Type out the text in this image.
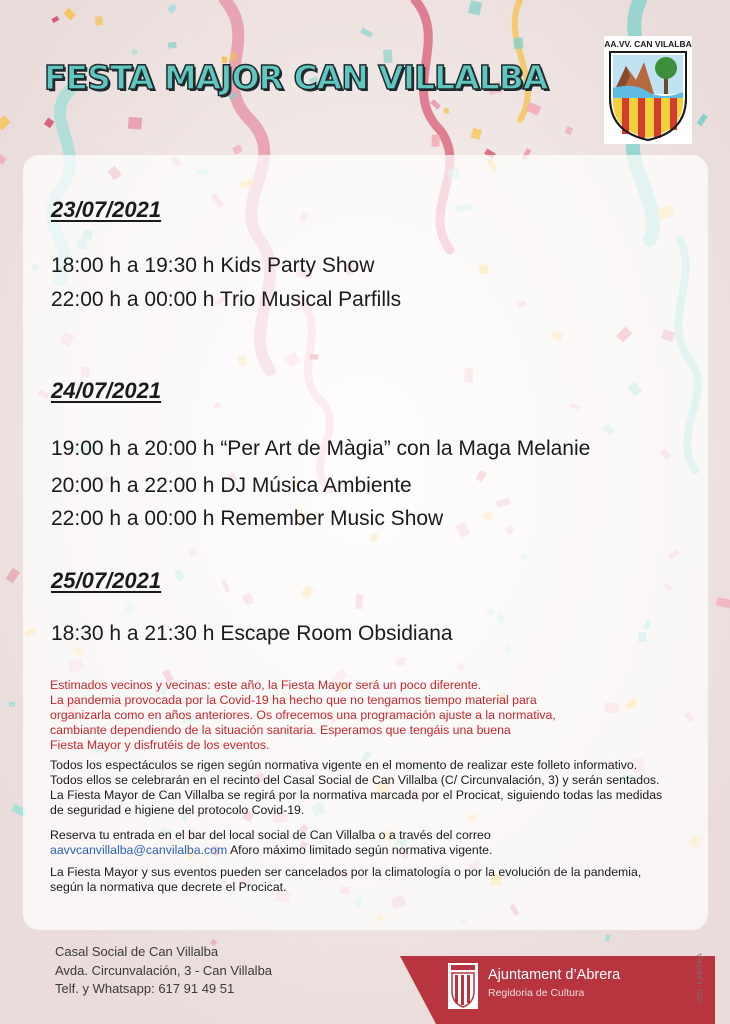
FESTA MAJOR CAN VILLALBA
AA.VV. CAN VILALBA
23/07/2021
18:00 h a 19:30 h Kids Party Show
22:00 h a 00:00 h Trio Musical Parfills
24/07/2021
19:00 h a 20:00 h “Per Art de Màgia” con la Maga Melanie
20:00 h a 22:00 h DJ Música Ambiente
22:00 h a 00:00 h Remember Music Show
25/07/2021
18:30 h a 21:30 h Escape Room Obsidiana
Estimados vecinos y vecinas: este año, la Fiesta Mayor será un poco diferente.
La pandemia provocada por la Covid-19 ha hecho que no tengamos tiempo material para
organizarla como en años anteriores. Os ofrecemos una programación ajuste a la normativa,
cambiante dependiendo de la situación sanitaria. Esperamos que tengáis una buena
Fiesta Mayor y disfrutéis de los eventos.
Todos los espectáculos se rigen según normativa vigente en el momento de realizar este folleto informativo.
Todos ellos se celebrarán en el recinto del Casal Social de Can Villalba (C/ Circunvalación, 3) y serán sentados.
La Fiesta Mayor de Can Villalba se regirá por la normativa marcada por el Procicat, siguiendo todas las medidas
de seguridad e higiene del protocolo Covid-19.
Reserva tu entrada en el bar del local social de Can Villalba o a través del correo
aavvcanvillalba@canvilalba.com Aforo máximo limitado según normativa vigente.
La Fiesta Mayor y sus eventos pueden ser cancelados por la climatología o por la evolución de la pandemia,
según la normativa que decrete el Procicat.
Casal Social de Can Villalba
Avda. Circunvalación, 3 - Can Villalba
Telf. y Whatsapp: 617 91 49 51
Ajuntament d’Abrera
Regidoria de Cultura	COL·LABORA
